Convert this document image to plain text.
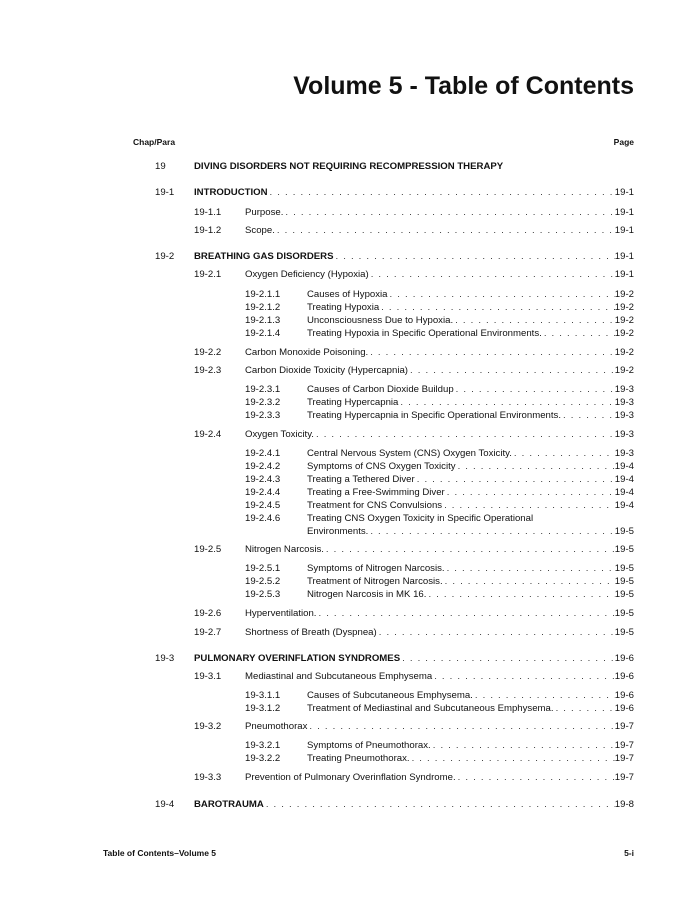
Volume 5 - Table of Contents
Chap/Para	Page
19	DIVING DISORDERS NOT REQUIRING RECOMPRESSION THERAPY
19-1 INTRODUCTION . . .	19-1
19-1.1 Purpose. . . .	19-1
19-1.2 Scope. . . .	19-1
19-2 BREATHING GAS DISORDERS . . .	19-1
19-2.1 Oxygen Deficiency (Hypoxia) . . .	19-1
19-2.1.1	Causes of Hypoxia . . .	19-2
19-2.1.2	Treating Hypoxia . . .	19-2
19-2.1.3	Unconsciousness Due to Hypoxia. . . .	19-2
19-2.1.4	Treating Hypoxia in Specific Operational Environments. . . .	19-2
19-2.2 Carbon Monoxide Poisoning. . . .	19-2
19-2.3 Carbon Dioxide Toxicity (Hypercapnia) . . .	19-2
19-2.3.1	Causes of Carbon Dioxide Buildup . . .	19-3
19-2.3.2	Treating Hypercapnia . . .	19-3
19-2.3.3	Treating Hypercapnia in Specific Operational Environments. . . .	19-3
19-2.4 Oxygen Toxicity. . . .	19-3
19-2.4.1	Central Nervous System (CNS) Oxygen Toxicity. . . .	19-3
19-2.4.2	Symptoms of CNS Oxygen Toxicity . . .	19-4
19-2.4.3	Treating a Tethered Diver . . .	19-4
19-2.4.4	Treating a Free-Swimming Diver . . .	19-4
19-2.4.5	Treatment for CNS Convulsions . . .	19-4
19-2.4.6	Treating CNS Oxygen Toxicity in Specific Operational
Environments. . . .	19-5
19-2.5 Nitrogen Narcosis. . . .	19-5
19-2.5.1	Symptoms of Nitrogen Narcosis. . . .	19-5
19-2.5.2	Treatment of Nitrogen Narcosis. . . .	19-5
19-2.5.3	Nitrogen Narcosis in MK 16. . . .	19-5
19-2.6 Hyperventilation. . . .	19-5
19-2.7 Shortness of Breath (Dyspnea) . . .	19-5
19-3 PULMONARY OVERINFLATION SYNDROMES . . .	19-6
19-3.1 Mediastinal and Subcutaneous Emphysema . . .	19-6
19-3.1.1	Causes of Subcutaneous Emphysema. . . .	19-6
19-3.1.2	Treatment of Mediastinal and Subcutaneous Emphysema. . . .	19-6
19-3.2 Pneumothorax . . .	19-7
19-3.2.1	Symptoms of Pneumothorax. . . .	19-7
19-3.2.2	Treating Pneumothorax. . . .	19-7
19-3.3 Prevention of Pulmonary Overinflation Syndrome. . . .	19-7
19-4 BAROTRAUMA . . .	19-8
Table of Contents–Volume 5	5-i
